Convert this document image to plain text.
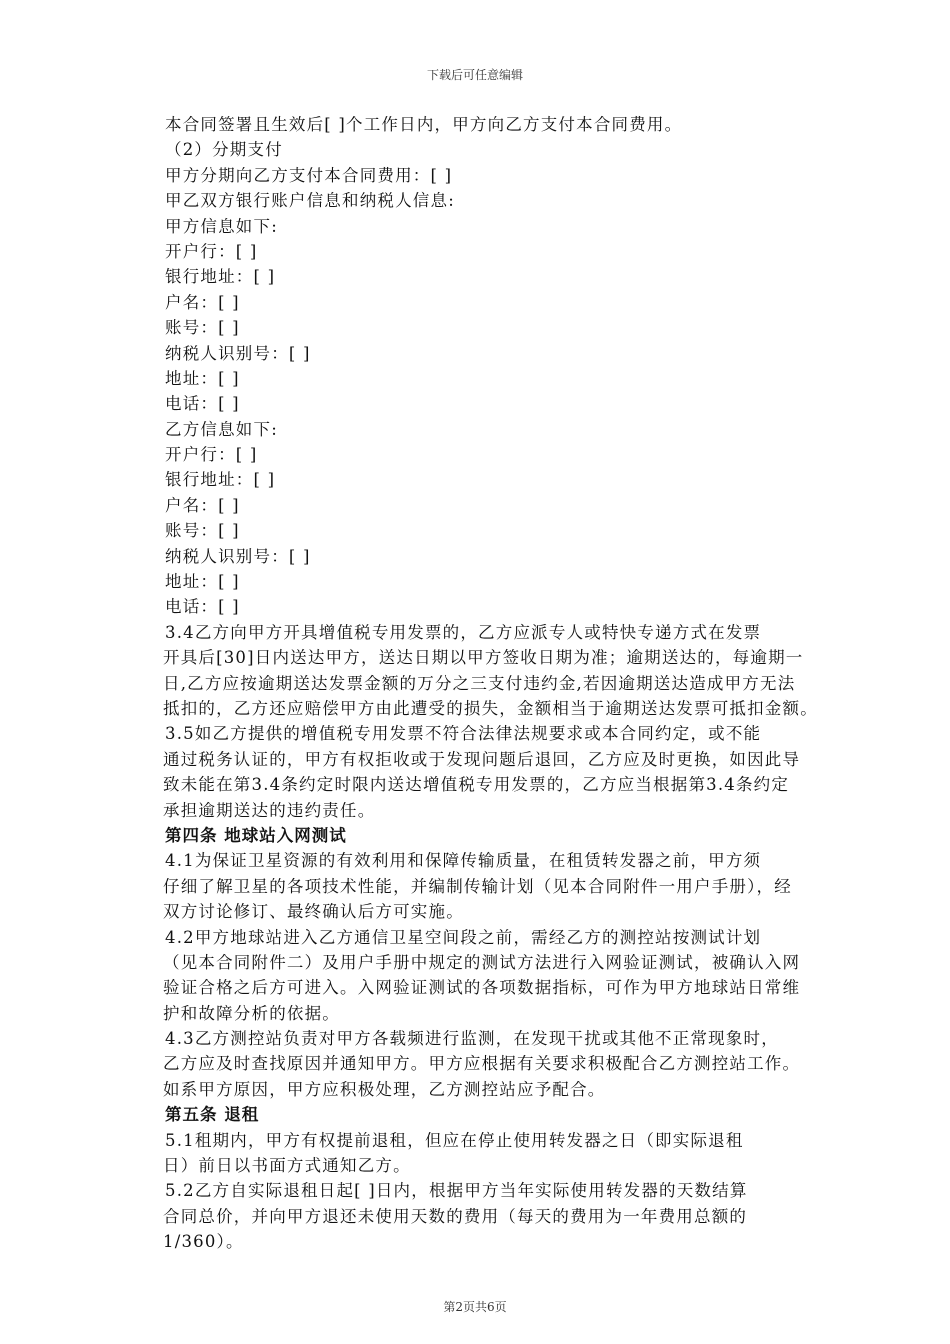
下载后可任意编辑
本合同签署且生效后[ ]个工作日内，甲方向乙方支付本合同费用。
（2）分期支付
甲方分期向乙方支付本合同费用：[ ]
甲乙双方银行账户信息和纳税人信息:
甲方信息如下:
开户行：[ ]
银行地址：[ ]
户名：[ ]
账号：[ ]
纳税人识别号：[ ]
地址：[ ]
电话：[ ]
乙方信息如下:
开户行：[ ]
银行地址：[ ]
户名：[ ]
账号：[ ]
纳税人识别号：[ ]
地址：[ ]
电话：[ ]
3.4乙方向甲方开具增值税专用发票的，乙方应派专人或特快专递方式在发票
开具后[30]日内送达甲方，送达日期以甲方签收日期为准；逾期送达的，每逾期一
日,乙方应按逾期送达发票金额的万分之三支付违约金,若因逾期送达造成甲方无法
抵扣的，乙方还应赔偿甲方由此遭受的损失，金额相当于逾期送达发票可抵扣金额。
3.5如乙方提供的增值税专用发票不符合法律法规要求或本合同约定，或不能
通过税务认证的，甲方有权拒收或于发现问题后退回，乙方应及时更换，如因此导
致未能在第3.4条约定时限内送达增值税专用发票的，乙方应当根据第3.4条约定
承担逾期送达的违约责任。
第四条 地球站入网测试
4.1为保证卫星资源的有效利用和保障传输质量，在租赁转发器之前，甲方须
仔细了解卫星的各项技术性能，并编制传输计划（见本合同附件一用户手册），经
双方讨论修订、最终确认后方可实施。
4.2甲方地球站进入乙方通信卫星空间段之前，需经乙方的测控站按测试计划
（见本合同附件二）及用户手册中规定的测试方法进行入网验证测试，被确认入网
验证合格之后方可进入。入网验证测试的各项数据指标，可作为甲方地球站日常维
护和故障分析的依据。
4.3乙方测控站负责对甲方各载频进行监测，在发现干扰或其他不正常现象时，
乙方应及时查找原因并通知甲方。甲方应根据有关要求积极配合乙方测控站工作。
如系甲方原因，甲方应积极处理，乙方测控站应予配合。
第五条 退租
5.1租期内，甲方有权提前退租，但应在停止使用转发器之日（即实际退租
日）前日以书面方式通知乙方。
5.2乙方自实际退租日起[ ]日内，根据甲方当年实际使用转发器的天数结算
合同总价，并向甲方退还未使用天数的费用（每天的费用为一年费用总额的
1/360）。
第2页共6页
